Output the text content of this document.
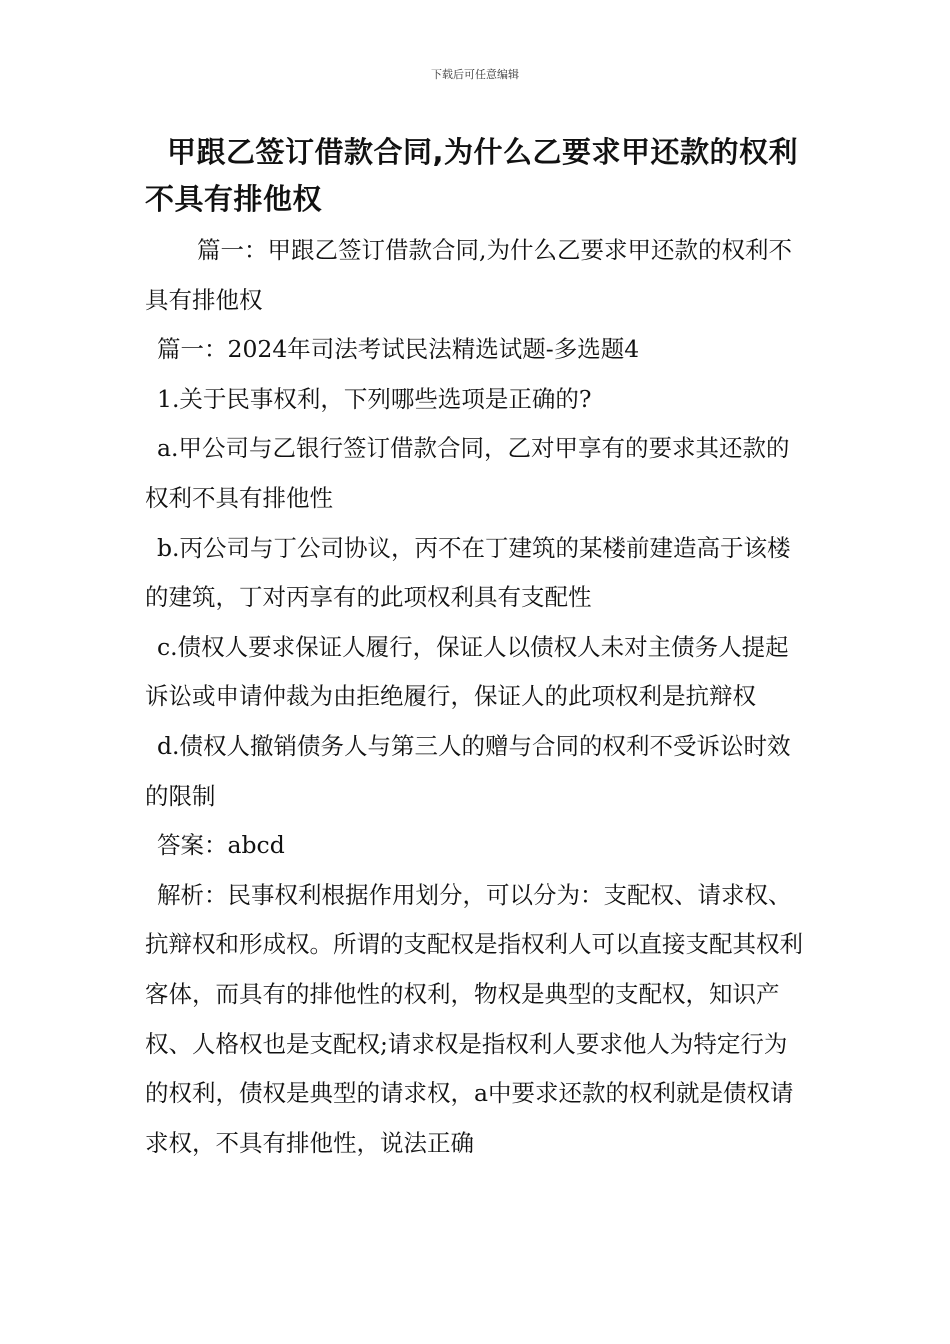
下载后可任意编辑
甲跟乙签订借款合同,为什么乙要求甲还款的权利不具有排他权

篇一：甲跟乙签订借款合同,为什么乙要求甲还款的权利不具有排他权

篇一：2024年司法考试民法精选试题-多选题4

1.关于民事权利，下列哪些选项是正确的?

a.甲公司与乙银行签订借款合同，乙对甲享有的要求其还款的权利不具有排他性

b.丙公司与丁公司协议，丙不在丁建筑的某楼前建造高于该楼的建筑，丁对丙享有的此项权利具有支配性

c.债权人要求保证人履行，保证人以债权人未对主债务人提起诉讼或申请仲裁为由拒绝履行，保证人的此项权利是抗辩权

d.债权人撤销债务人与第三人的赠与合同的权利不受诉讼时效的限制

答案：abcd

解析：民事权利根据作用划分，可以分为：支配权、请求权、抗辩权和形成权。所谓的支配权是指权利人可以直接支配其权利客体，而具有的排他性的权利，物权是典型的支配权，知识产权、人格权也是支配权;请求权是指权利人要求他人为特定行为的权利，债权是典型的请求权，a中要求还款的权利就是债权请求权，不具有排他性，说法正确
